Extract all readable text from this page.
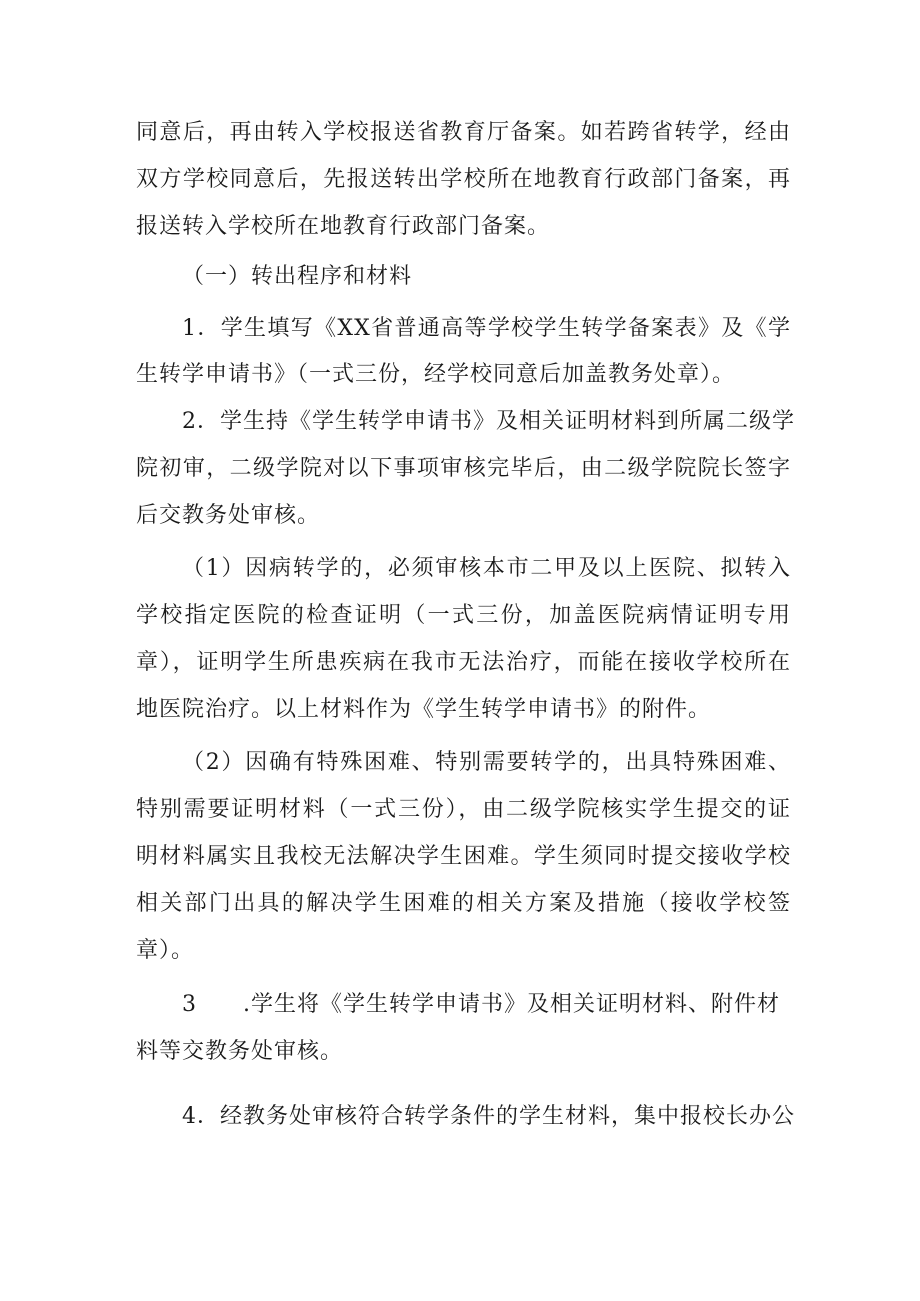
同意后，再由转入学校报送省教育厅备案。如若跨省转学，经由
双方学校同意后，先报送转出学校所在地教育行政部门备案，再
报送转入学校所在地教育行政部门备案。
（一）转出程序和材料
1．学生填写《XX省普通高等学校学生转学备案表》及《学
生转学申请书》（一式三份，经学校同意后加盖教务处章）。
2．学生持《学生转学申请书》及相关证明材料到所属二级学
院初审，二级学院对以下事项审核完毕后，由二级学院院长签字
后交教务处审核。
（1）因病转学的，必须审核本市二甲及以上医院、拟转入
学校指定医院的检查证明（一式三份，加盖医院病情证明专用
章），证明学生所患疾病在我市无法治疗，而能在接收学校所在
地医院治疗。以上材料作为《学生转学申请书》的附件。
（2）因确有特殊困难、特别需要转学的，出具特殊困难、
特别需要证明材料（一式三份），由二级学院核实学生提交的证
明材料属实且我校无法解决学生困难。学生须同时提交接收学校
相关部门出具的解决学生困难的相关方案及措施（接收学校签
章）。
3 .学生将《学生转学申请书》及相关证明材料、附件材
料等交教务处审核。
4．经教务处审核符合转学条件的学生材料，集中报校长办公
